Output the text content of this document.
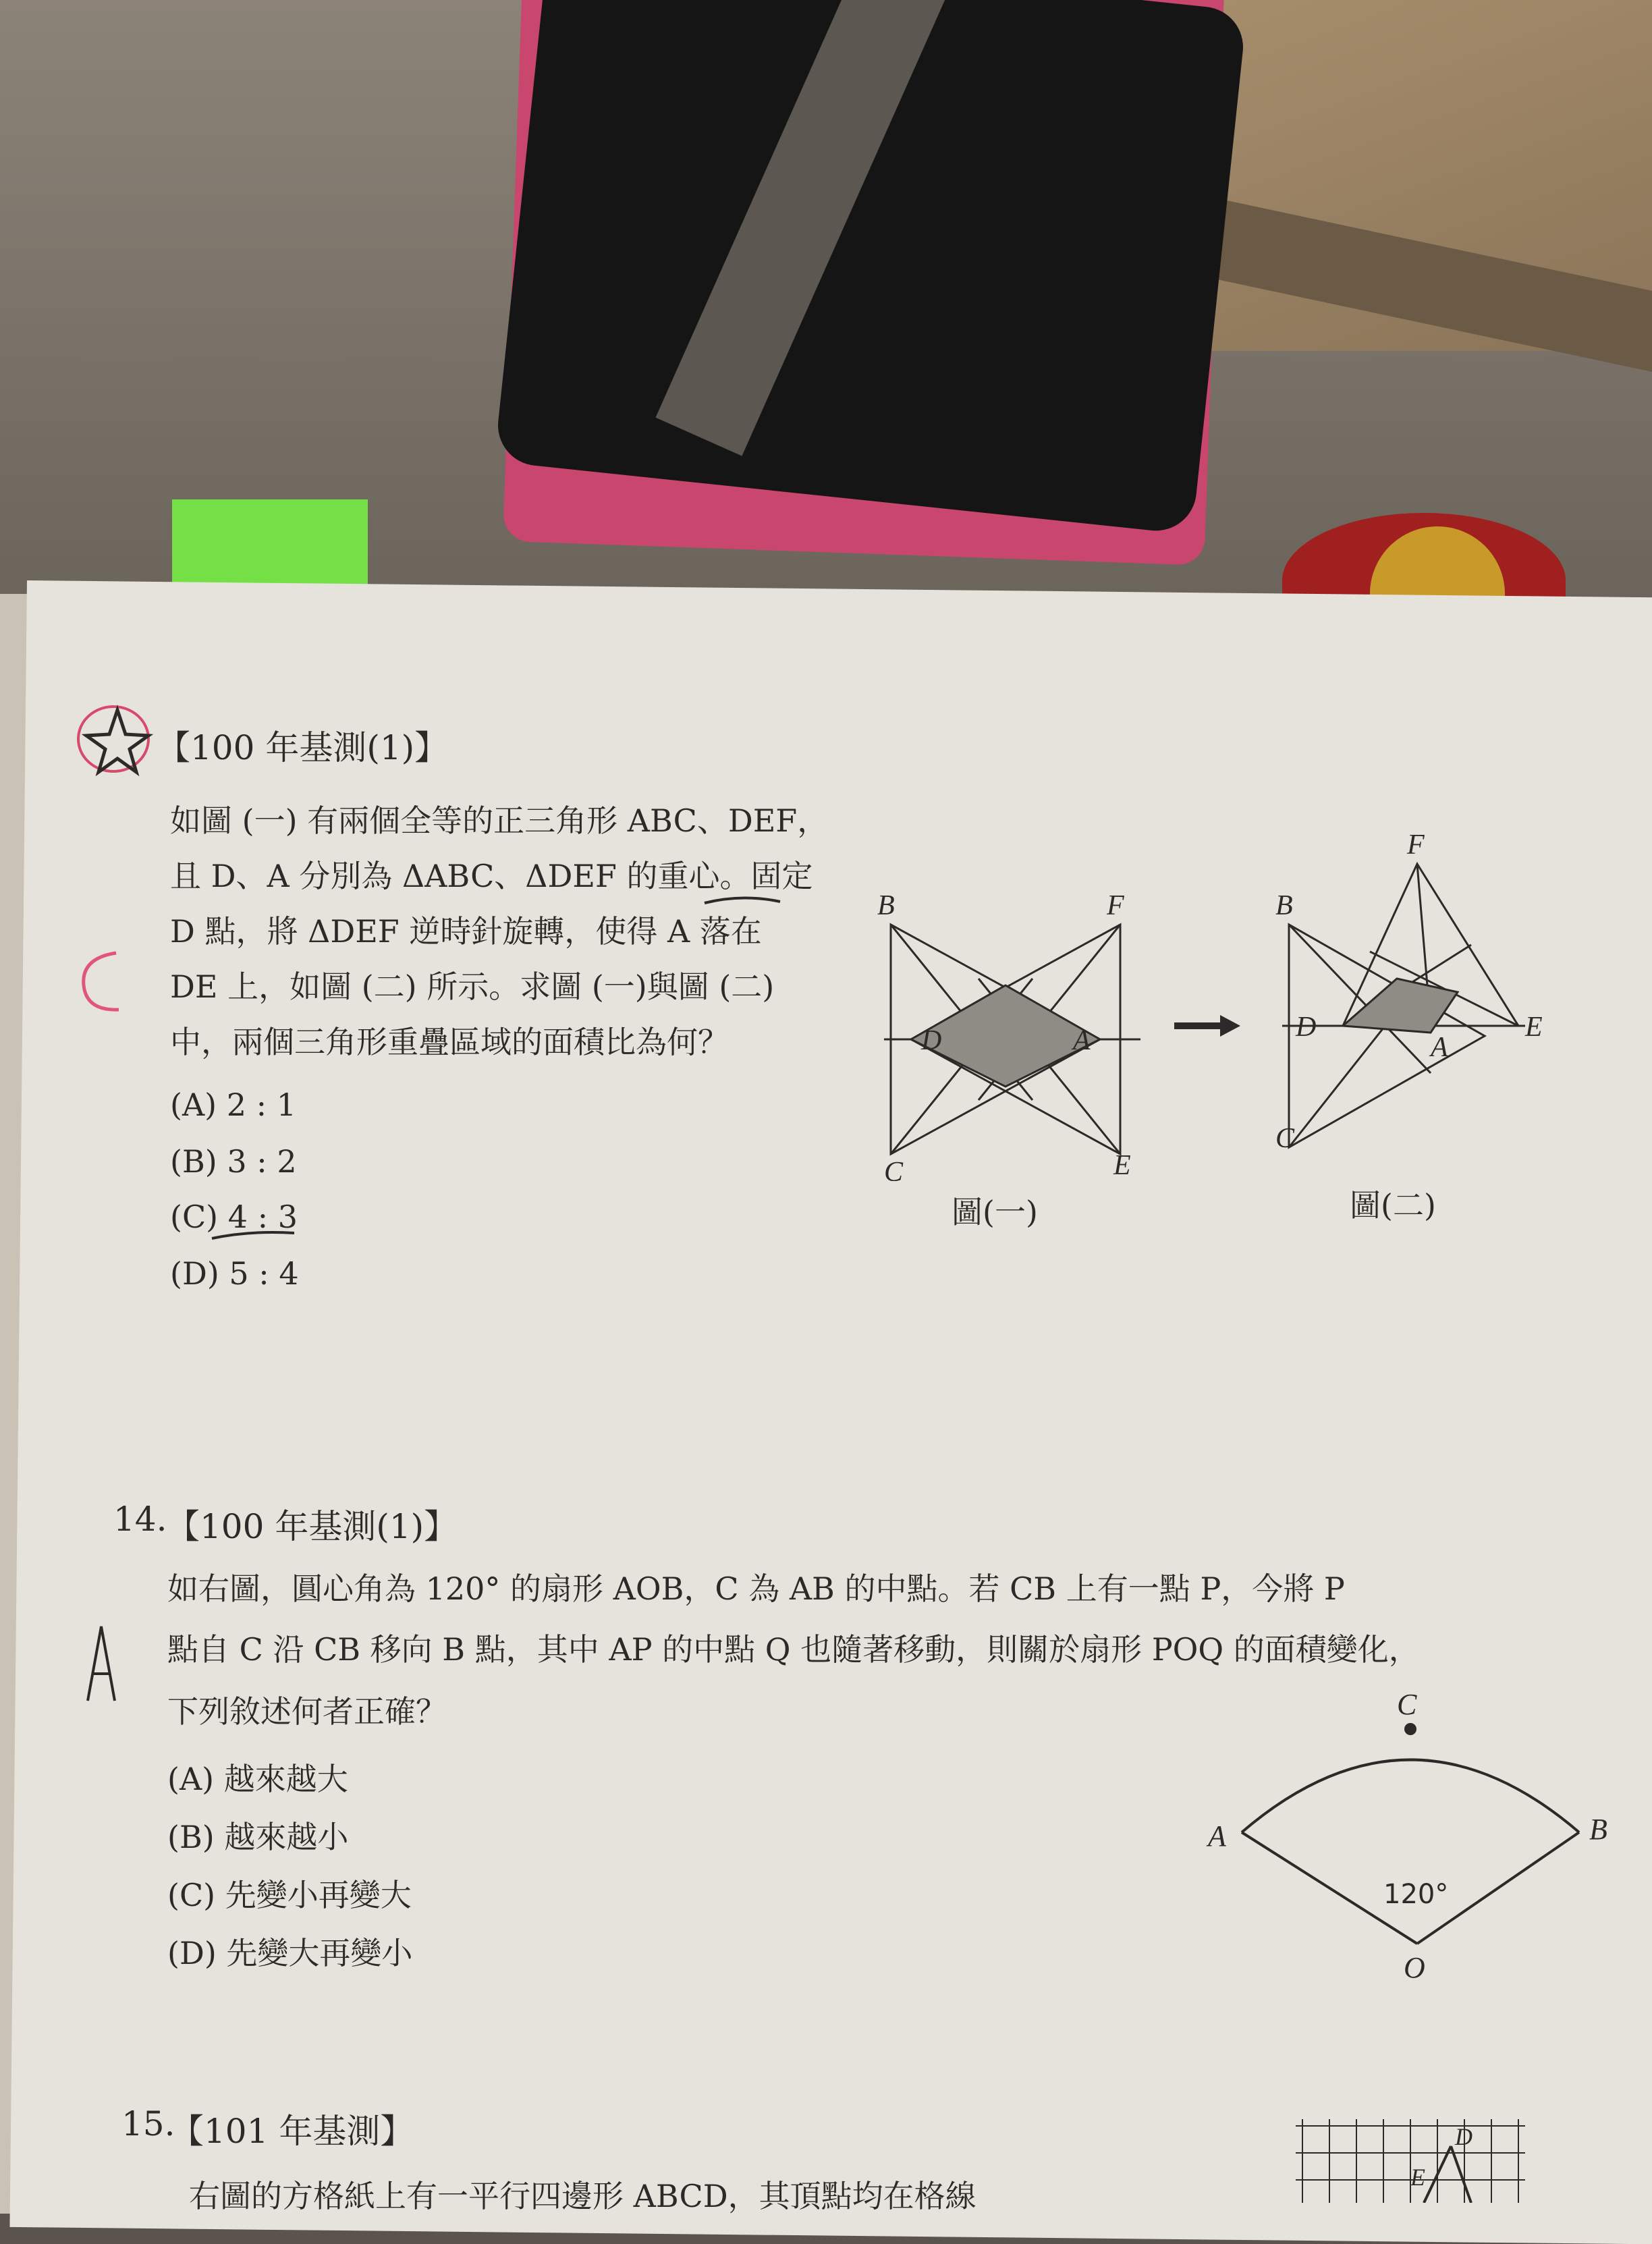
【100 年基測(1)】
如圖 (一) 有兩個全等的正三角形 ABC、DEF，
且 D、A 分別為 ΔABC、ΔDEF 的重心。固定
D 點，將 ΔDEF 逆時針旋轉，使得 A 落在
DE 上，如圖 (二) 所示。求圖 (一)與圖 (二)
中，兩個三角形重疊區域的面積比為何？
(A) 2 : 1
(B) 3 : 2
(C) 4 : 3
(D) 5 : 4
C
B	F
D	A
C	E
圖(一)
F
B
D
A
E
C
圖(二)
14.
【100 年基測(1)】
如右圖，圓心角為 120° 的扇形 AOB，C 為 AB 的中點。若 CB 上有一點 P，今將 P
點自 C 沿 CB 移向 B 點，其中 AP 的中點 Q 也隨著移動，則關於扇形 POQ 的面積變化，
下列敘述何者正確？
(A) 越來越大
(B) 越來越小
(C) 先變小再變大
(D) 先變大再變小
A
C
A	B
O
120°
15.
【101 年基測】
右圖的方格紙上有一平行四邊形 ABCD，其頂點均在格線
D
E
